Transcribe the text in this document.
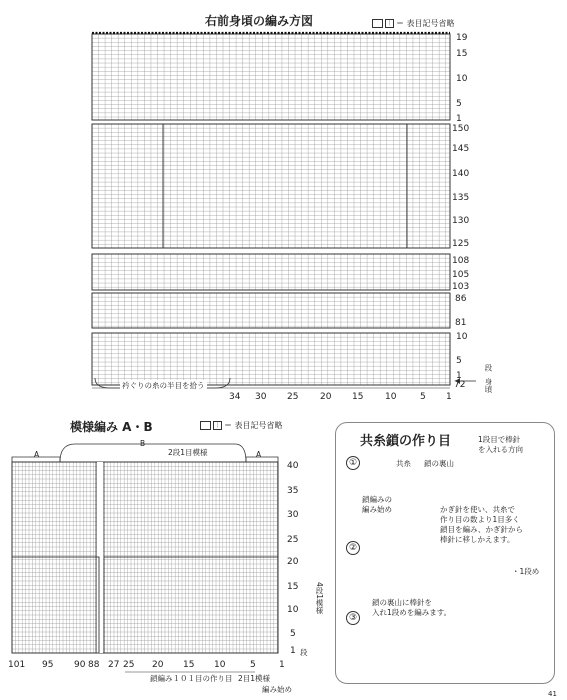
右前身頃の編み方図	｜ ＝ 表目記号省略
19
15
10
5
1
150
145
140
135
130
125
108
105
103
86
81
10
5
1
72
段
身頃
34 30 25 20 15 10	5 1
衿ぐりの糸の半目を拾う
模様編み A・B	｜ ＝ 表目記号省略
A
B
A
2段1目模様
40
35
30
25
20
15
10
5
1 段
4段1模様
101 95 90 88 27 25 20 15 10	5	1
鎖編み１０１目の作り目 2目1模様
編み始め
共糸鎖の作り目
①
②
③
共糸 鎖の裏山
1段目で棒針
を入れる方向
鎖編みの
編み始め	かぎ針を使い、共糸で
作り目の数より1目多く
鎖目を編み、かぎ針から
棒針に移しかえます。
・1段め
鎖の裏山に棒針を
入れ1段めを編みます。
41
